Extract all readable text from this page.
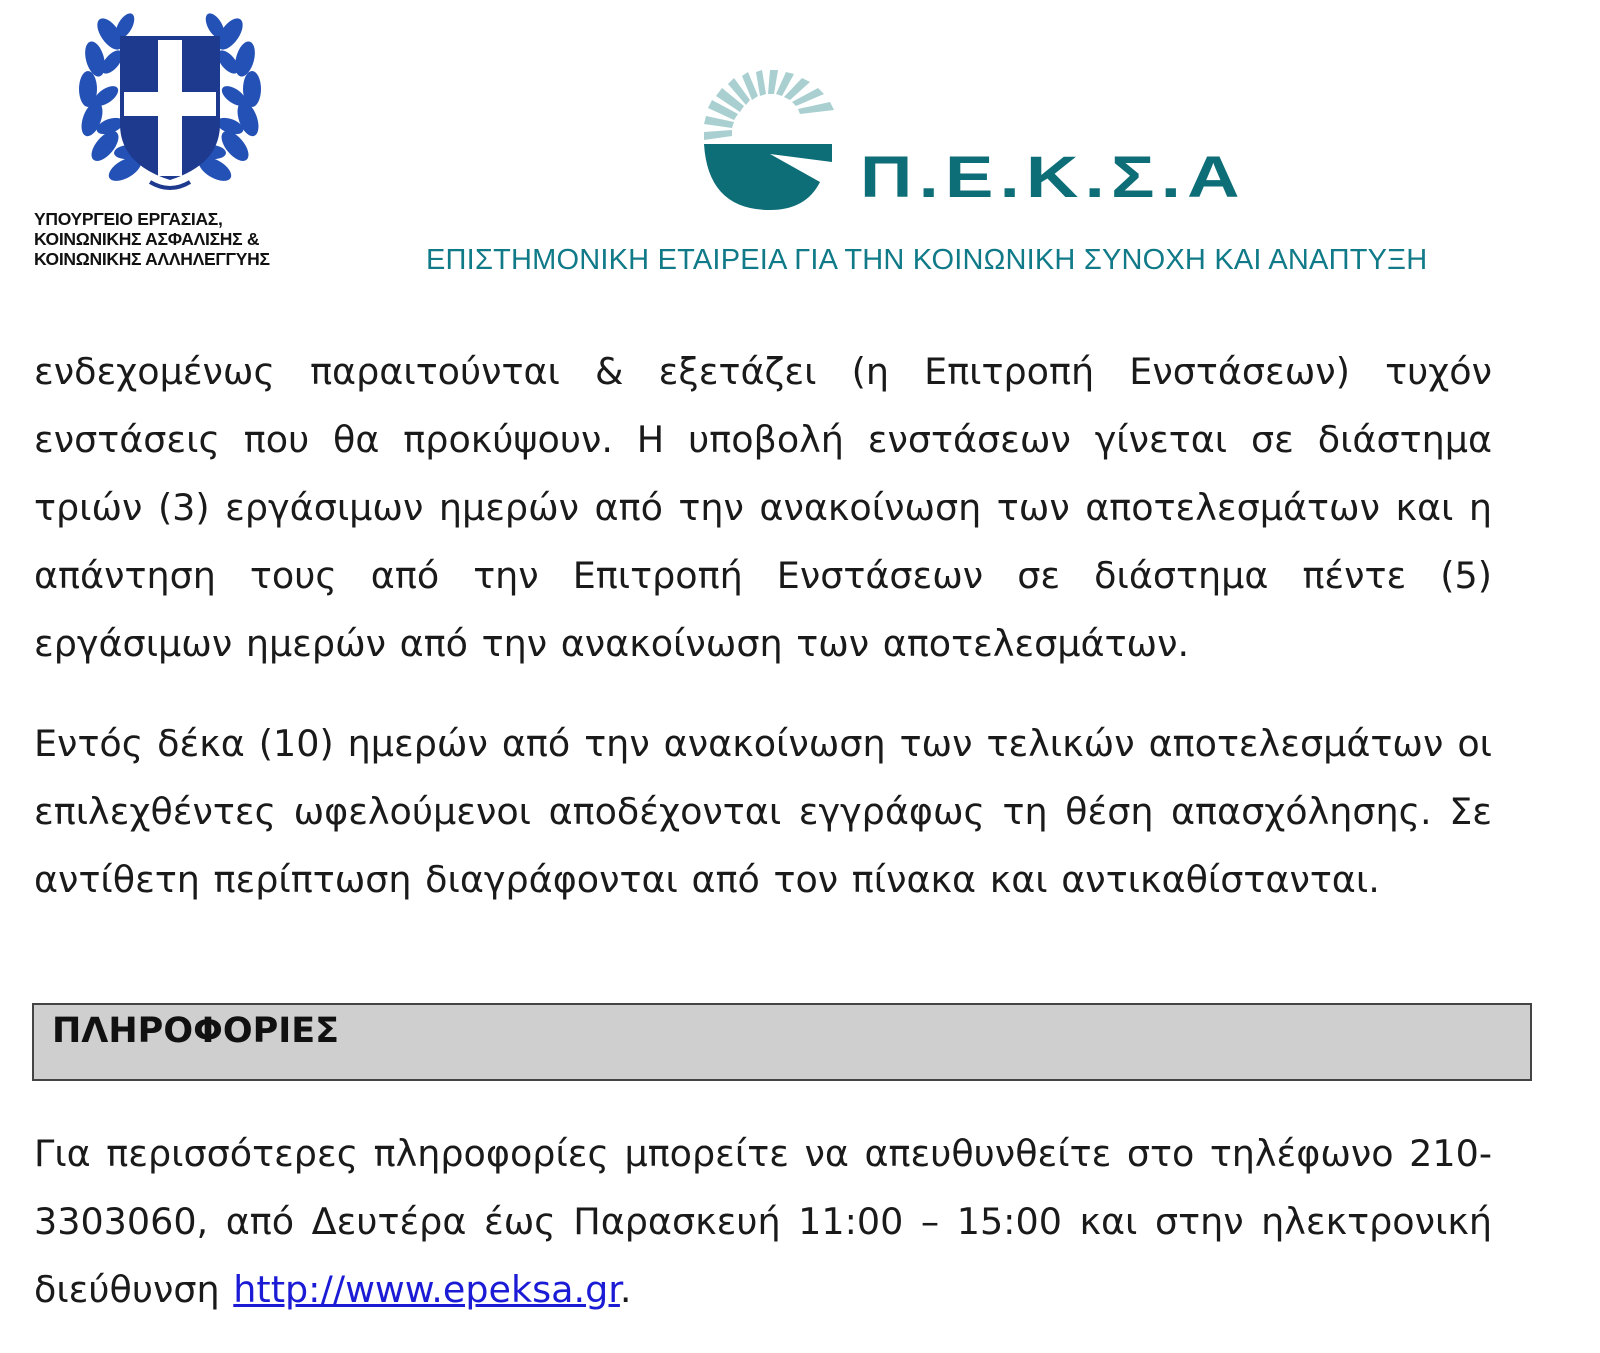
ΥΠΟΥΡΓΕΙΟ ΕΡΓΑΣΙΑΣ,
ΚΟΙΝΩΝΙΚΗΣ ΑΣΦΑΛΙΣΗΣ &
ΚΟΙΝΩΝΙΚΗΣ ΑΛΛΗΛΕΓΓΥΗΣ
Π.Ε.Κ.Σ.Α
ΕΠΙΣΤΗΜΟΝΙΚΗ ΕΤΑΙΡΕΙΑ ΓΙΑ ΤΗΝ ΚΟΙΝΩΝΙΚΗ ΣΥΝΟΧΗ ΚΑΙ ΑΝΑΠΤΥΞΗ
ενδεχομένως παραιτούνται & εξετάζει (η Επιτροπή Ενστάσεων) τυχόν ενστάσεις που θα προκύψουν. Η υποβολή ενστάσεων γίνεται σε διάστημα τριών (3) εργάσιμων ημερών από την ανακοίνωση των αποτελεσμάτων και η απάντηση τους από την Επιτροπή Ενστάσεων σε διάστημα πέντε (5) εργάσιμων ημερών από την ανακοίνωση των αποτελεσμάτων.
Εντός δέκα (10) ημερών από την ανακοίνωση των τελικών αποτελεσμάτων οι επιλεχθέντες ωφελούμενοι αποδέχονται εγγράφως τη θέση απασχόλησης. Σε αντίθετη περίπτωση διαγράφονται από τον πίνακα και αντικαθίστανται.
ΠΛΗΡΟΦΟΡΙΕΣ
Για περισσότερες πληροφορίες μπορείτε να απευθυνθείτε στο τηλέφωνο 210-3303060, από Δευτέρα έως Παρασκευή 11:00 – 15:00 και στην ηλεκτρονική διεύθυνση http://www.epeksa.gr.
